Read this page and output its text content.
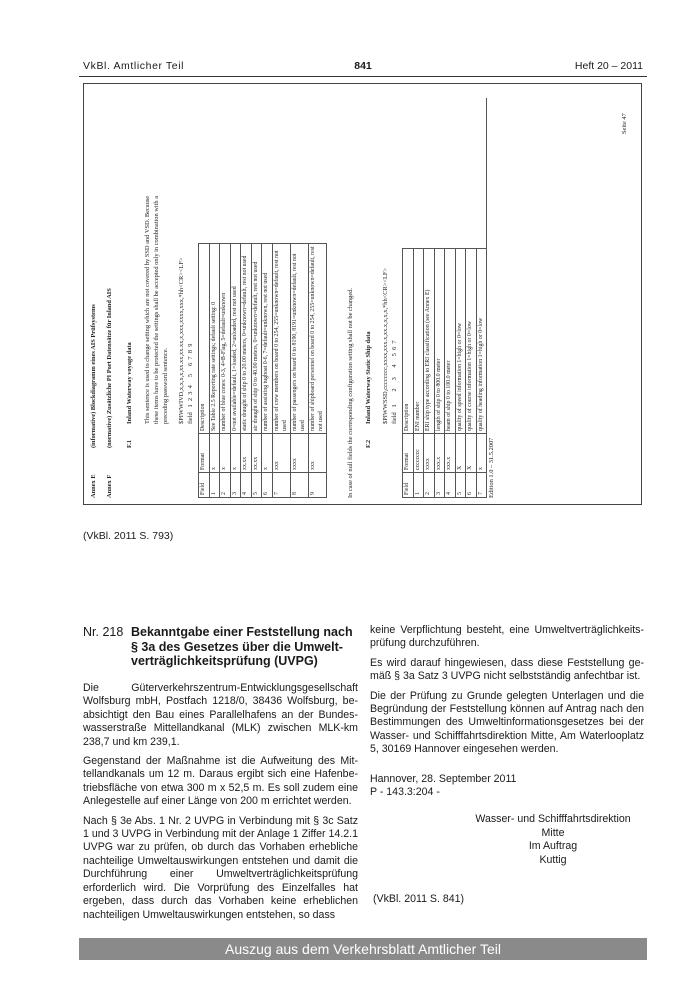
VkBl. Amtlicher Teil	841	Heft 20 – 2011
Annex E
(informative) Blockdiagramm eines AIS Prüfsystems
Annex F
(normative) Zusätzliche PI Port Datensätze für Inland AIS F.1
Inland Waterway voyage data This sentence is used to change setting which are not covered by SSD and VSD. Because these items have to be protected the settings shall be accepted only in combination with a preceding password sentence. $PIWWIVD,x,x,x,x,xx.xx,xx.xx,x,xxx,xxxx,xxx,*hh<CR><LF> field   1  2  3  4     5     6  7  8  9
Field	Format	Description
1	x	See Table 2.5 Reporting rate settings; default setting: 0
2	x	number of blue cones: 0-3, 4=B-Flag, 5=default=unknown
3	x	0=not available=default, 1=loaded, 2=unloaded, rest not used
4	xx.xx	static draught of ship 0 to 20.00 meters, 0=unknown=default, rest not used
5	xx.xx	air draught of ship 0 to 40.00 meters, 0=unknown=default, rest not used
6	x	number of assisting tugboat 0-6, 7=default=unknown, rest not used
7	xxx	number of crew members on board 0 to 254, 255=unknown=default, rest not used
8	xxxx	number of passengers on board 0 to 8190, 8191=unknown=default, rest not used
9	xxx	number of shipboard personnel on board 0 to 254, 255=unknown=default, rest not used	In case of null fields the corresponding configuration setting shall not be changed. F.2
Inland Waterway Static Ship data $PIWWSSD,cccccccc,xxxx,xxx.x,xx.x,x,x,x,*hh<CR><LF> field   1        2     3      4     5  6  7
Field	Format	Description
1	cccccccc	ENI number
2	xxxx	ERI ship type according to ERI classification (see Annex E)
3	xxx.x	length of ship 0 to 800.0 meter
4	xxx.x	beam of ship 0 to 100.0 meter
5	X	quality of speed information 1=high or 0=low
6	X	quality of course information 1=high or 0=low
7	x	quality of heading information 1=high or 0=low
Edition 1.0 – 31.5.2007
Seite 47
(VkBl. 2011 S. 793)
Nr. 218 Bekanntgabe einer Feststellung nach § 3a des Gesetzes über die Umweltverträglichkeitsprüfung (UVPG)

Die Güterverkehrszentrum-Entwicklungsgesellschaft Wolfsburg mbH, Postfach 1218/0, 38436 Wolfsburg, beabsichtigt den Bau eines Parallelhafens an der Bundeswasserstraße Mittellandkanal (MLK) zwischen MLK-km 238,7 und km 239,1.

Gegenstand der Maßnahme ist die Aufweitung des Mittellandkanals um 12 m. Daraus ergibt sich eine Hafenbetriebsfläche von etwa 300 m x 52,5 m. Es soll zudem eine Anlegestelle auf einer Länge von 200 m errichtet werden.

Nach § 3e Abs. 1 Nr. 2 UVPG in Verbindung mit § 3c Satz 1 und 3 UVPG in Verbindung mit der Anlage 1 Ziffer 14.2.1 UVPG war zu prüfen, ob durch das Vorhaben erhebliche nachteilige Umweltauswirkungen entstehen und damit die Durchführung einer Umweltverträglichkeitsprüfung erforderlich wird. Die Vorprüfung des Einzelfalles hat ergeben, dass durch das Vorhaben keine erheblichen nachteiligen Umweltauswirkungen entstehen, so dass

keine Verpflichtung besteht, eine Umweltverträglichkeitsprüfung durchzuführen.

Es wird darauf hingewiesen, dass diese Feststellung gemäß § 3a Satz 3 UVPG nicht selbstständig anfechtbar ist.

Die der Prüfung zu Grunde gelegten Unterlagen und die Begründung der Feststellung können auf Antrag nach den Bestimmungen des Umweltinformationsgesetzes bei der Wasser- und Schifffahrtsdirektion Mitte, Am Waterlooplatz 5, 30169 Hannover eingesehen werden.

Hannover, 28. September 2011
P - 143.3:204 -
Wasser- und Schifffahrtsdirektion
Mitte
Im Auftrag
Kuttig
(VkBl. 2011 S. 841)
Auszug aus dem Verkehrsblatt Amtlicher Teil
